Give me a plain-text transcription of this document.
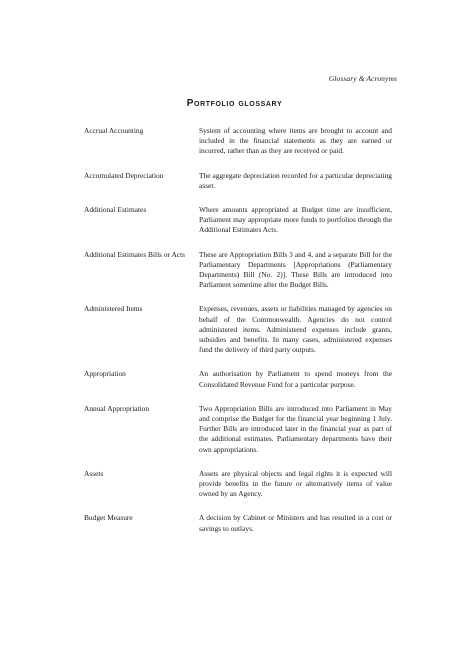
Glossary & Acronyms
Portfolio glossary
Accrual Accounting	System of accounting where items are brought to account and included in the financial statements as they are earned or incurred, rather than as they are received or paid.
Accumulated Depreciation	The aggregate depreciation recorded for a particular depreciating asset.
Additional Estimates	Where amounts appropriated at Budget time are insufficient, Parliament may appropriate more funds to portfolios through the Additional Estimates Acts.
Additional Estimates Bills or Acts	These are Appropriation Bills 3 and 4, and a separate Bill for the Parliamentary Departments [Appropriations (Parliamentary Departments) Bill (No. 2)]. These Bills are introduced into Parliament sometime after the Budget Bills.
Administered Items	Expenses, revenues, assets or liabilities managed by agencies on behalf of the Commonwealth. Agencies do not control administered items. Administered expenses include grants, subsidies and benefits. In many cases, administered expenses fund the delivery of third party outputs.
Appropriation	An authorisation by Parliament to spend moneys from the Consolidated Revenue Fund for a particular purpose.
Annual Appropriation	Two Appropriation Bills are introduced into Parliament in May and comprise the Budget for the financial year beginning 1 July. Further Bills are introduced later in the financial year as part of the additional estimates. Parliamentary departments have their own appropriations.
Assets	Assets are physical objects and legal rights it is expected will provide benefits in the future or alternatively items of value owned by an Agency.
Budget Measure	A decision by Cabinet or Ministers and has resulted in a cost or savings to outlays.
